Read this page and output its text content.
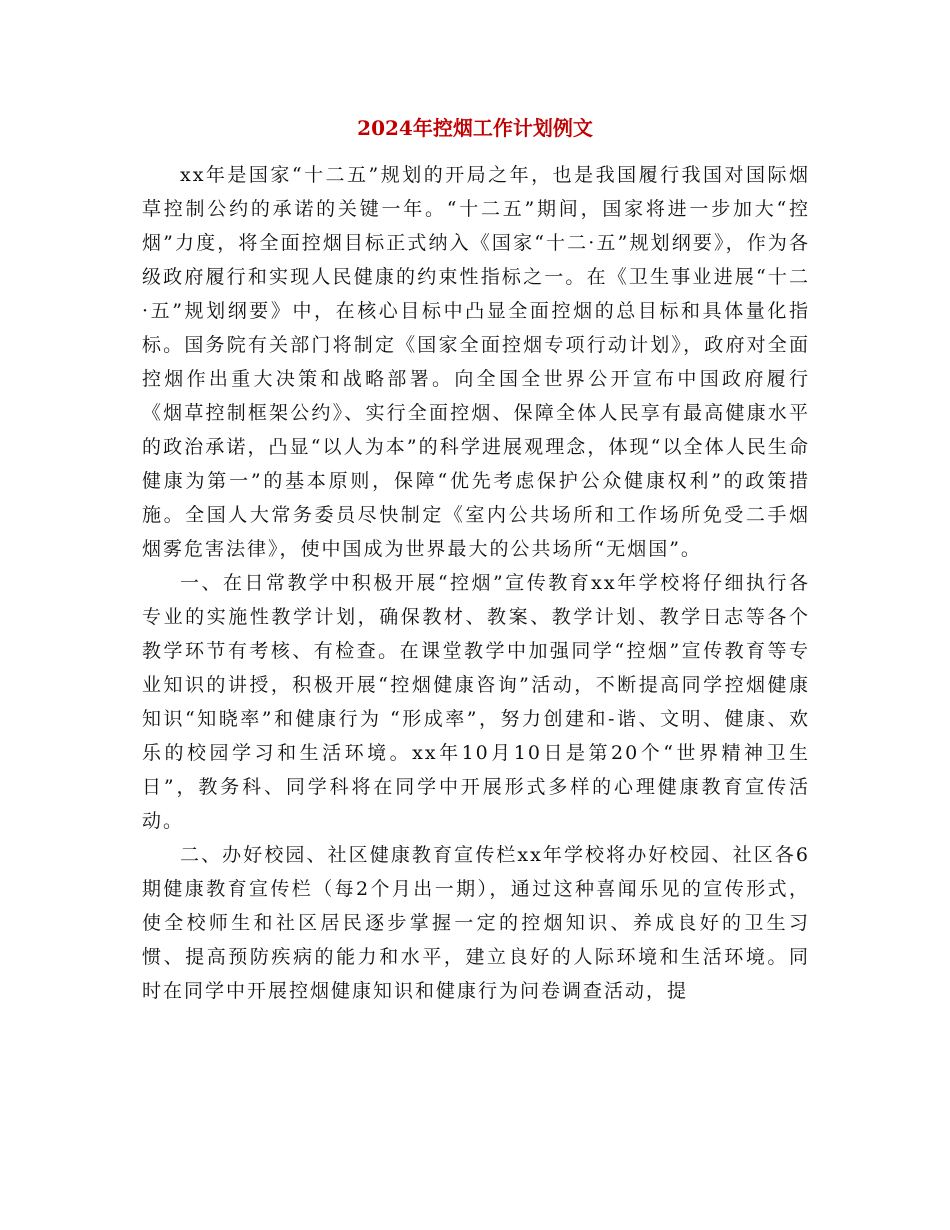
2024年控烟工作计划例文

xx年是国家“十二五”规划的开局之年，也是我国履行我国对国际烟草控制公约的承诺的关键一年。“十二五”期间，国家将进一步加大“控烟”力度，将全面控烟目标正式纳入《国家“十二·五”规划纲要》，作为各级政府履行和实现人民健康的约束性指标之一。在《卫生事业进展“十二·五”规划纲要》中，在核心目标中凸显全面控烟的总目标和具体量化指标。国务院有关部门将制定《国家全面控烟专项行动计划》，政府对全面控烟作出重大决策和战略部署。向全国全世界公开宣布中国政府履行《烟草控制框架公约》、实行全面控烟、保障全体人民享有最高健康水平的政治承诺，凸显“以人为本”的科学进展观理念，体现“以全体人民生命健康为第一”的基本原则，保障“优先考虑保护公众健康权利”的政策措施。全国人大常务委员尽快制定《室内公共场所和工作场所免受二手烟烟雾危害法律》，使中国成为世界最大的公共场所“无烟国”。

一、在日常教学中积极开展“控烟”宣传教育xx年学校将仔细执行各专业的实施性教学计划，确保教材、教案、教学计划、教学日志等各个教学环节有考核、有检查。在课堂教学中加强同学“控烟”宣传教育等专业知识的讲授，积极开展“控烟健康咨询”活动，不断提高同学控烟健康知识“知晓率”和健康行为 “形成率”，努力创建和-谐、文明、健康、欢乐的校园学习和生活环境。xx年10月10日是第20个“世界精神卫生日”，教务科、同学科将在同学中开展形式多样的心理健康教育宣传活动。

二、办好校园、社区健康教育宣传栏xx年学校将办好校园、社区各6期健康教育宣传栏（每2个月出一期），通过这种喜闻乐见的宣传形式，使全校师生和社区居民逐步掌握一定的控烟知识、养成良好的卫生习惯、提高预防疾病的能力和水平，建立良好的人际环境和生活环境。同时在同学中开展控烟健康知识和健康行为问卷调查活动，提
